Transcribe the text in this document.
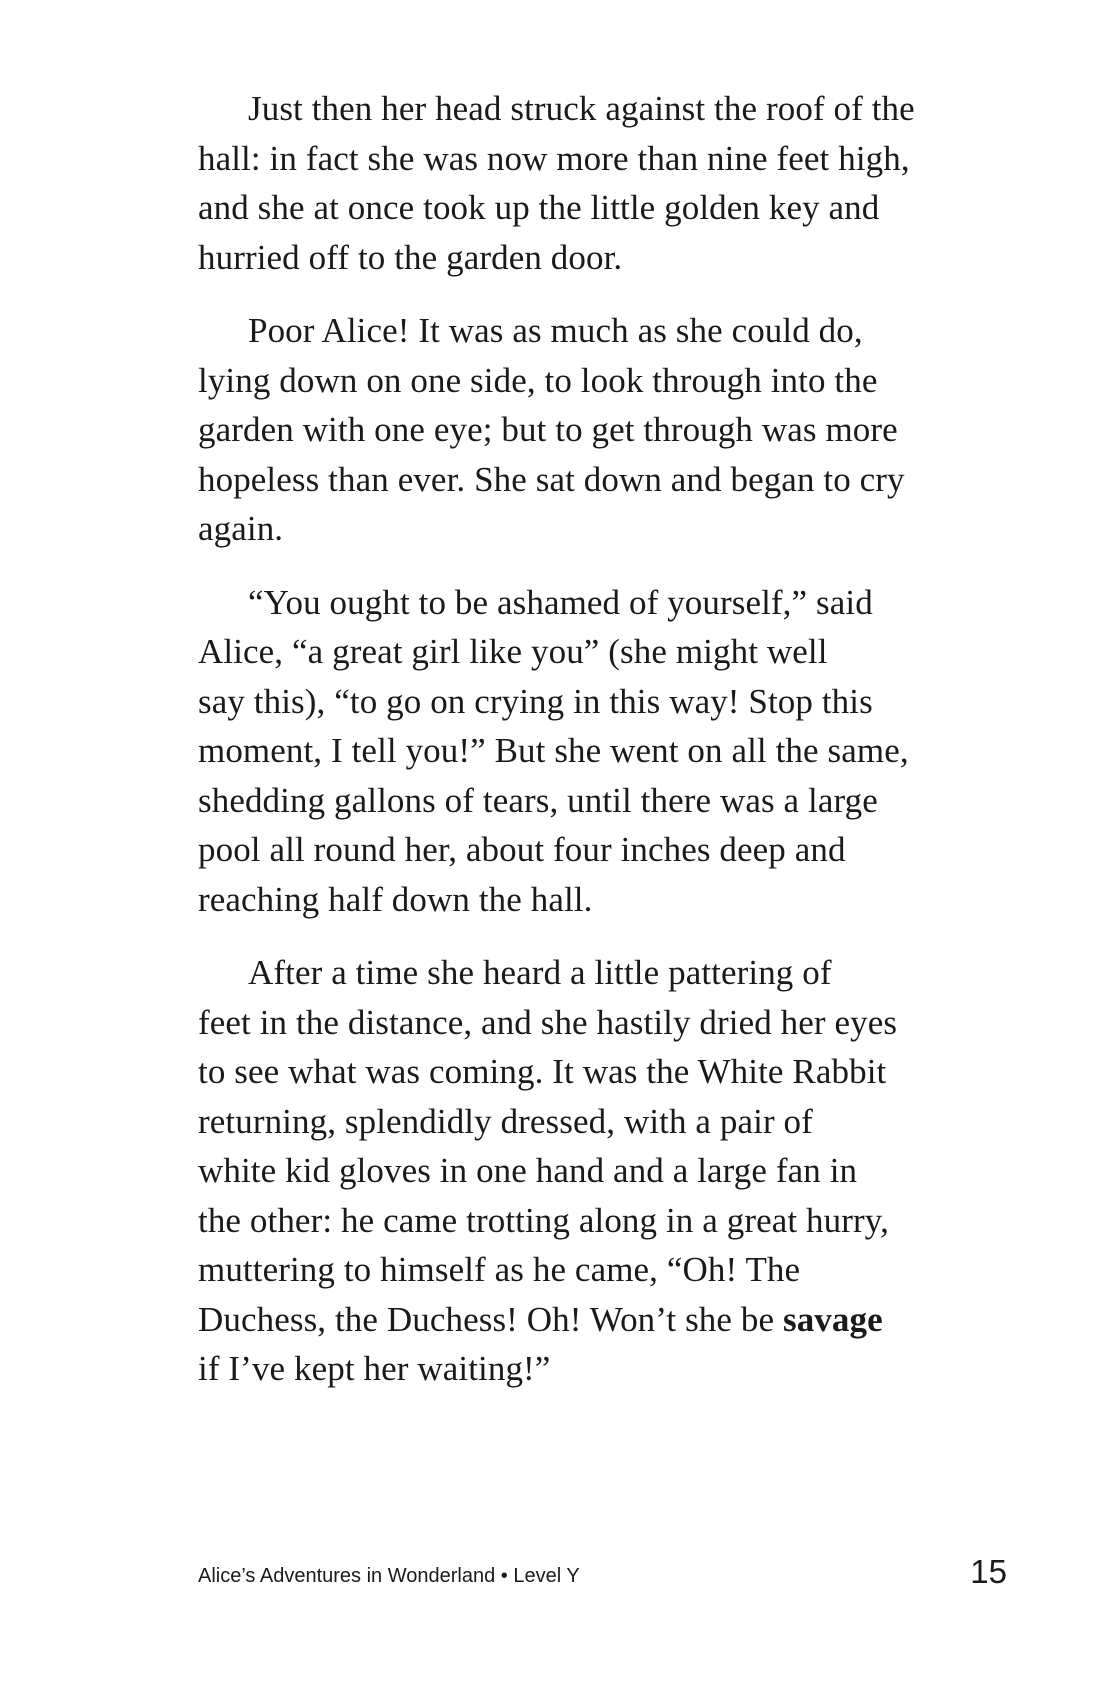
Just then her head struck against the roof of the
hall: in fact she was now more than nine feet high,
and she at once took up the little golden key and
hurried off to the garden door.

Poor Alice! It was as much as she could do,
lying down on one side, to look through into the
garden with one eye; but to get through was more
hopeless than ever. She sat down and began to cry
again.

“You ought to be ashamed of yourself,” said
Alice, “a great girl like you” (she might well
say this), “to go on crying in this way! Stop this
moment, I tell you!” But she went on all the same,
shedding gallons of tears, until there was a large
pool all round her, about four inches deep and
reaching half down the hall.

After a time she heard a little pattering of
feet in the distance, and she hastily dried her eyes
to see what was coming. It was the White Rabbit
returning, splendidly dressed, with a pair of
white kid gloves in one hand and a large fan in
the other: he came trotting along in a great hurry,
muttering to himself as he came, “Oh! The
Duchess, the Duchess! Oh! Won’t she be savage
if I’ve kept her waiting!”

Alice’s Adventures in Wonderland • Level Y	15
